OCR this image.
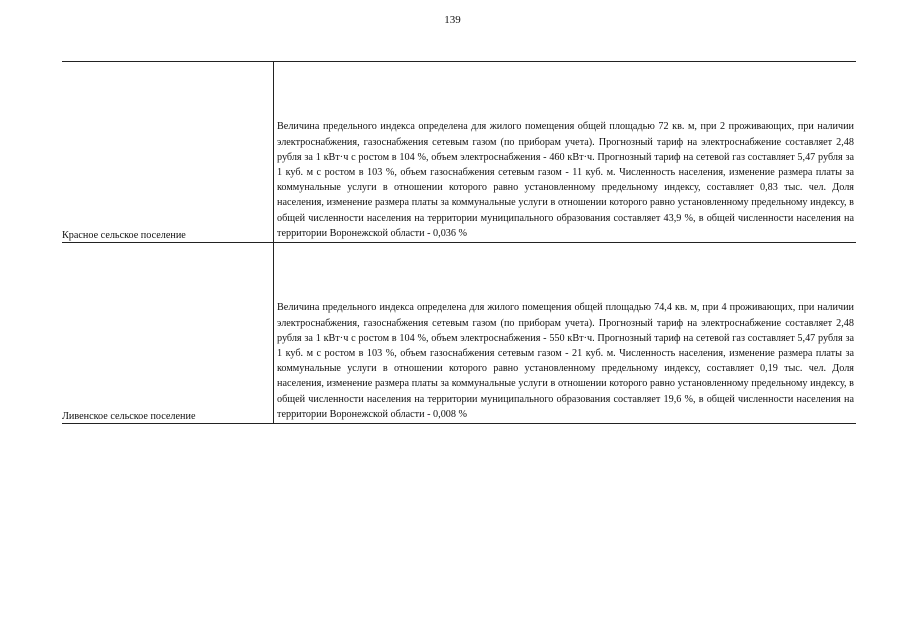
139
Красное сельское поселение
Величина предельного индекса определена для жилого помещения общей площадью 72 кв. м, при 2 проживающих, при наличии электроснабжения, газоснабжения сетевым газом (по приборам учета). Прогнозный тариф на электроснабжение составляет 2,48 рубля за 1 кВт·ч с ростом в 104 %, объем электроснабжения - 460 кВт·ч. Прогнозный тариф на сетевой газ составляет 5,47 рубля за 1 куб. м с ростом в 103 %, объем газоснабжения сетевым газом - 11 куб. м. Численность населения, изменение размера платы за коммунальные услуги в отношении которого равно установленному предельному индексу, составляет 0,83 тыс. чел. Доля населения, изменение размера платы за коммунальные услуги в отношении которого равно установленному предельному индексу, в общей численности населения на территории муниципального образования составляет 43,9 %, в общей численности населения на территории Воронежской области - 0,036 %
Ливенское сельское поселение
Величина предельного индекса определена для жилого помещения общей площадью 74,4 кв. м, при 4 проживающих, при наличии электроснабжения, газоснабжения сетевым газом (по приборам учета). Прогнозный тариф на электроснабжение составляет 2,48 рубля за 1 кВт·ч с ростом в 104 %, объем электроснабжения - 550 кВт·ч. Прогнозный тариф на сетевой газ составляет 5,47 рубля за 1 куб. м с ростом в 103 %, объем газоснабжения сетевым газом - 21 куб. м. Численность населения, изменение размера платы за коммунальные услуги в отношении которого равно установленному предельному индексу, составляет 0,19 тыс. чел. Доля населения, изменение размера платы за коммунальные услуги в отношении которого равно установленному предельному индексу, в общей численности населения на территории муниципального образования составляет 19,6 %, в общей численности населения на территории Воронежской области - 0,008 %
